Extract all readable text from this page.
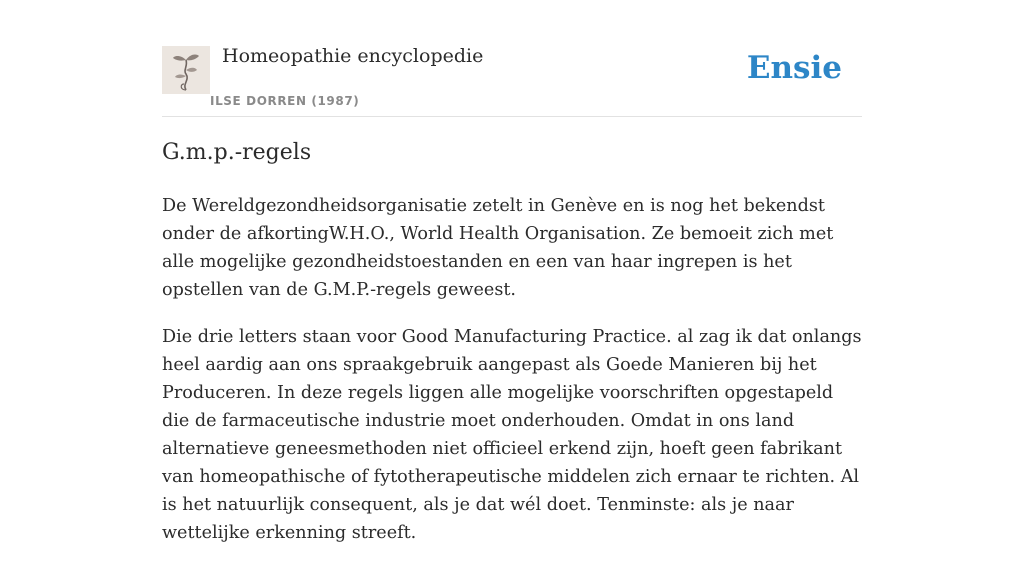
Homeopathie encyclopedie
ILSE DORREN (1987)
Ensie
G.m.p.-regels

De Wereldgezondheidsorganisatie zetelt in Genève en is nog het bekendst onder de afkortingW.H.O., World Health Organisation. Ze bemoeit zich met alle mogelijke gezondheidstoestanden en een van haar ingrepen is het opstellen van de G.M.P.-regels geweest.

Die drie letters staan voor Good Manufacturing Practice. al zag ik dat onlangs heel aardig aan ons spraakgebruik aangepast als Goede Manieren bij het Produceren. In deze regels liggen alle mogelijke voorschriften opgestapeld die de farmaceutische industrie moet onderhouden. Omdat in ons land alternatieve geneesmethoden niet officieel erkend zijn, hoeft geen fabrikant van homeopathische of fytotherapeutische middelen zich ernaar te richten. Al is het natuurlijk consequent, als je dat wél doet. Tenminste: als je naar wettelijke erkenning streeft.
